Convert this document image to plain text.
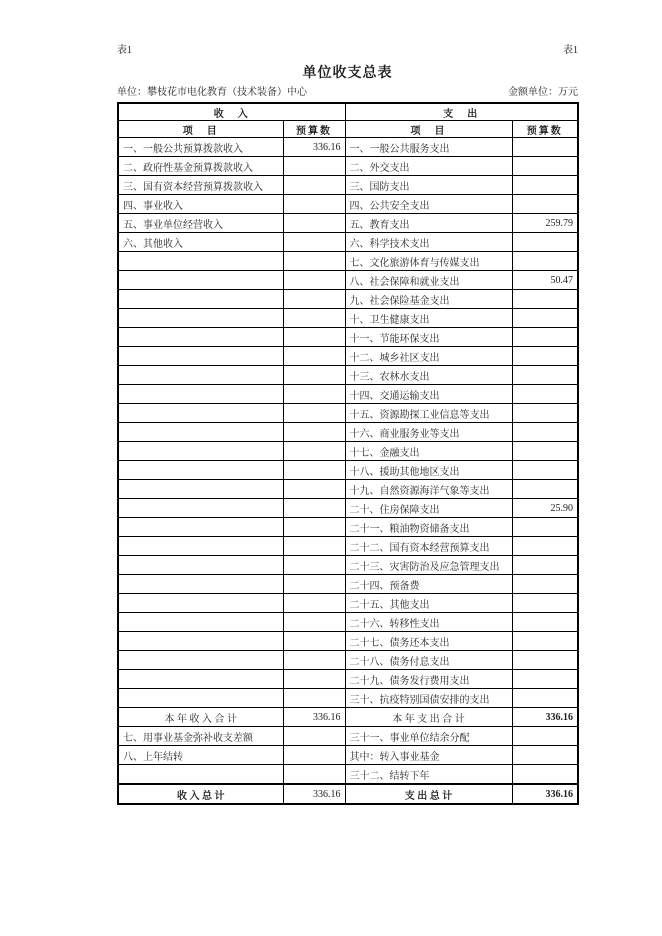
表1	表1
单位收支总表
单位：攀枝花市电化教育（技术装备）中心	金额单位：万元
收　入		支　出	
项　目	预算数	项　目	预算数
一、一般公共预算拨款收入	336.16	一、一般公共服务支出	
二、政府性基金预算拨款收入		二、外交支出	
三、国有资本经营预算拨款收入		三、国防支出	
四、事业收入		四、公共安全支出	
五、事业单位经营收入		五、教育支出	259.79
六、其他收入		六、科学技术支出	
		七、文化旅游体育与传媒支出	
		八、社会保障和就业支出	50.47
		九、社会保险基金支出	
		十、卫生健康支出	
		十一、节能环保支出	
		十二、城乡社区支出	
		十三、农林水支出	
		十四、交通运输支出	
		十五、资源勘探工业信息等支出	
		十六、商业服务业等支出	
		十七、金融支出	
		十八、援助其他地区支出	
		十九、自然资源海洋气象等支出	
		二十、住房保障支出	25.90
		二十一、粮油物资储备支出	
		二十二、国有资本经营预算支出	
		二十三、灾害防治及应急管理支出	
		二十四、预备费	
		二十五、其他支出	
		二十六、转移性支出	
		二十七、债务还本支出	
		二十八、债务付息支出	
		二十九、债务发行费用支出	
		三十、抗疫特别国债安排的支出	
本 年 收 入 合 计	336.16	本 年 支 出 合 计	336.16
七、用事业基金弥补收支差额		三十一、事业单位结余分配	
八、上年结转		其中：转入事业基金	
		三十二、结转下年	
收 入 总 计	336.16	支 出 总 计	336.16
